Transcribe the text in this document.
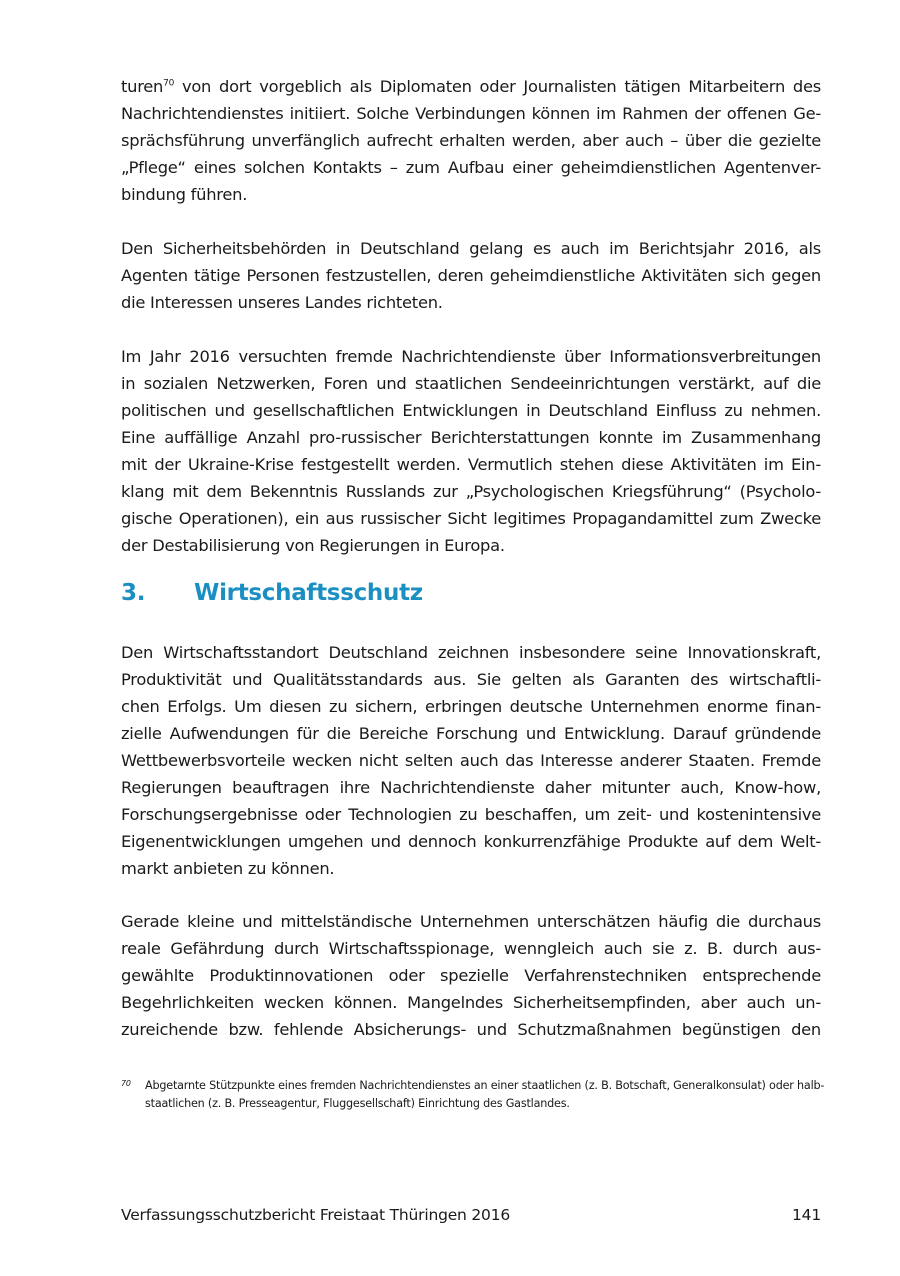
turen$^{70}$ von dort vorgeblich als Diplomaten oder Journalisten tätigen Mitarbeitern des
Nachrichtendienstes initiiert. Solche Verbindungen können im Rahmen der offenen Ge-
sprächsführung unverfänglich aufrecht erhalten werden, aber auch – über die gezielte
„Pflege“ eines solchen Kontakts – zum Aufbau einer geheimdienstlichen Agentenver-
bindung führen.
Den Sicherheitsbehörden in Deutschland gelang es auch im Berichtsjahr 2016, als
Agenten tätige Personen festzustellen, deren geheimdienstliche Aktivitäten sich gegen
die Interessen unseres Landes richteten.
Im Jahr 2016 versuchten fremde Nachrichtendienste über Informationsverbreitungen
in sozialen Netzwerken, Foren und staatlichen Sendeeinrichtungen verstärkt, auf die
politischen und gesellschaftlichen Entwicklungen in Deutschland Einfluss zu nehmen.
Eine auffällige Anzahl pro-russischer Berichterstattungen konnte im Zusammenhang
mit der Ukraine-Krise festgestellt werden. Vermutlich stehen diese Aktivitäten im Ein-
klang mit dem Bekenntnis Russlands zur „Psychologischen Kriegsführung“ (Psycholo-
gische Operationen), ein aus russischer Sicht legitimes Propagandamittel zum Zwecke
der Destabilisierung von Regierungen in Europa.
3. Wirtschaftsschutz
Den Wirtschaftsstandort Deutschland zeichnen insbesondere seine Innovationskraft,
Produktivität und Qualitätsstandards aus. Sie gelten als Garanten des wirtschaftli-
chen Erfolgs. Um diesen zu sichern, erbringen deutsche Unternehmen enorme finan-
zielle Aufwendungen für die Bereiche Forschung und Entwicklung. Darauf gründende
Wettbewerbsvorteile wecken nicht selten auch das Interesse anderer Staaten. Fremde
Regierungen beauftragen ihre Nachrichtendienste daher mitunter auch, Know-how,
Forschungsergebnisse oder Technologien zu beschaffen, um zeit- und kostenintensive
Eigenentwicklungen umgehen und dennoch konkurrenzfähige Produkte auf dem Welt-
markt anbieten zu können.
Gerade kleine und mittelständische Unternehmen unterschätzen häufig die durchaus
reale Gefährdung durch Wirtschaftsspionage, wenngleich auch sie z. B. durch aus-
gewählte Produktinnovationen oder spezielle Verfahrenstechniken entsprechende
Begehrlichkeiten wecken können. Mangelndes Sicherheitsempfinden, aber auch un-
zureichende bzw. fehlende Absicherungs- und Schutzmaßnahmen begünstigen den
70 Abgetarnte Stützpunkte eines fremden Nachrichtendienstes an einer staatlichen (z. B. Botschaft, Generalkonsulat) oder halb-
staatlichen (z. B. Presseagentur, Fluggesellschaft) Einrichtung des Gastlandes.
Verfassungsschutzbericht Freistaat Thüringen 2016	141
